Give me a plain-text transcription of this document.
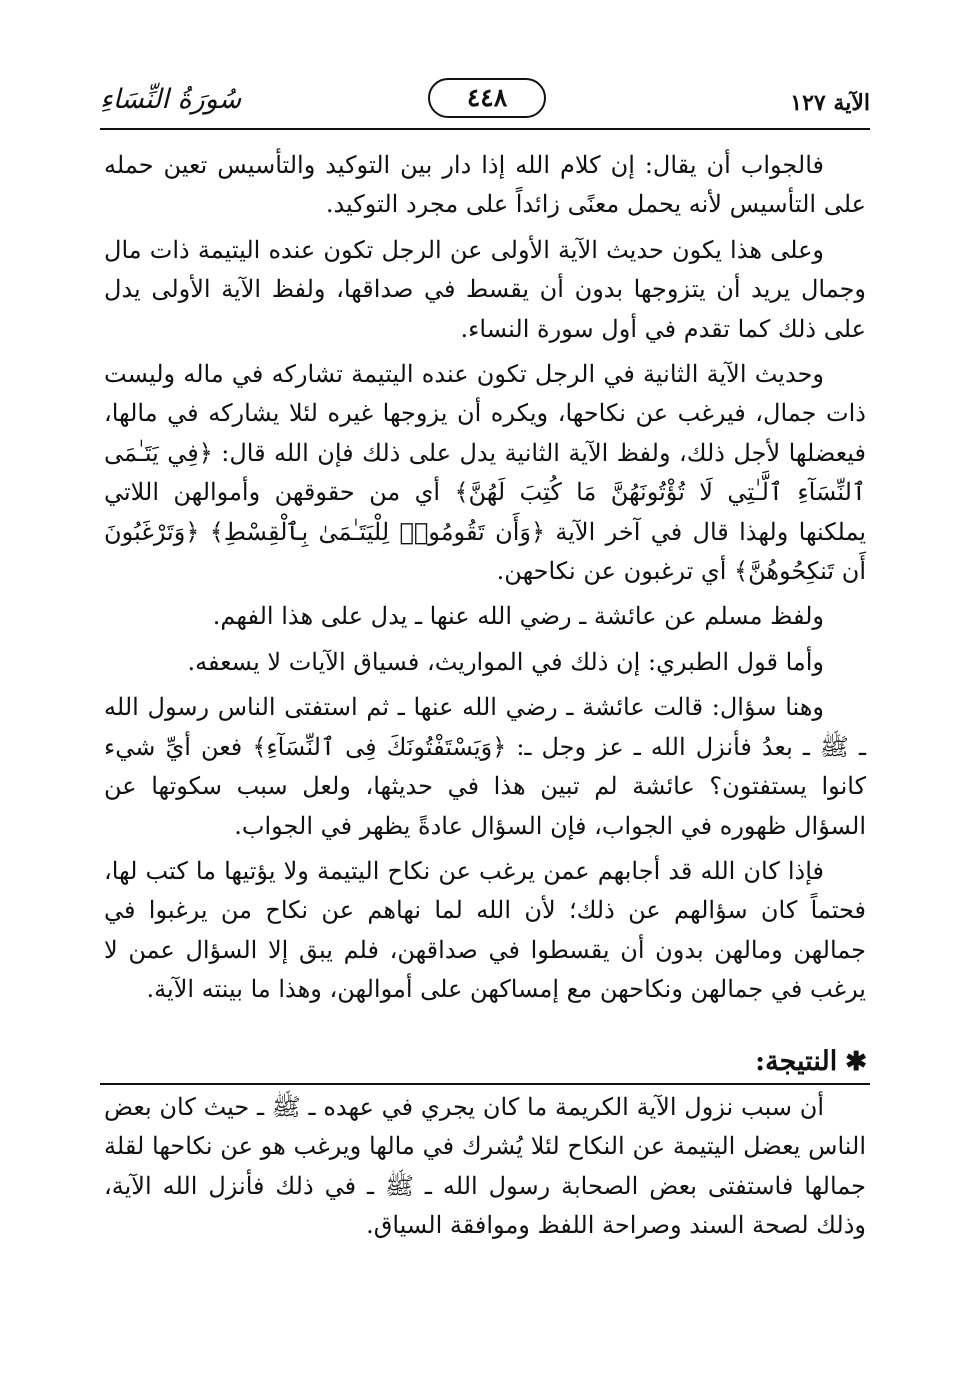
الآية ١٢٧
٤٤٨
سُورَةُ النِّسَاءِ

فالجواب أن يقال: إن كلام الله إذا دار بين التوكيد والتأسيس تعين حمله على التأسيس لأنه يحمل معنًى زائداً على مجرد التوكيد.

وعلى هذا يكون حديث الآية الأولى عن الرجل تكون عنده اليتيمة ذات مال وجمال يريد أن يتزوجها بدون أن يقسط في صداقها، ولفظ الآية الأولى يدل على ذلك كما تقدم في أول سورة النساء.

وحديث الآية الثانية في الرجل تكون عنده اليتيمة تشاركه في ماله وليست ذات جمال، فيرغب عن نكاحها، ويكره أن يزوجها غيره لئلا يشاركه في مالها، فيعضلها لأجل ذلك، ولفظ الآية الثانية يدل على ذلك فإن الله قال: ﴿فِي يَتَـٰمَى ٱلنِّسَآءِ ٱلَّـٰتِي لَا تُؤْتُونَهُنَّ مَا كُتِبَ لَهُنَّ﴾ أي من حقوقهن وأموالهن اللاتي يملكنها ولهذا قال في آخر الآية ﴿وَأَن تَقُومُوا۟ لِلْيَتَـٰمَىٰ بِٱلْقِسْطِ﴾ ﴿وَتَرْغَبُونَ أَن تَنكِحُوهُنَّ﴾ أي ترغبون عن نكاحهن.

ولفظ مسلم عن عائشة ـ رضي الله عنها ـ يدل على هذا الفهم.

وأما قول الطبري: إن ذلك في المواريث، فسياق الآيات لا يسعفه.

وهنا سؤال: قالت عائشة ـ رضي الله عنها ـ ثم استفتى الناس رسول الله ـ ﷺ ـ بعدُ فأنزل الله ـ عز وجل ـ: ﴿وَيَسْتَفْتُونَكَ فِى ٱلنِّسَآءِ﴾ فعن أيِّ شيء كانوا يستفتون؟ عائشة لم تبين هذا في حديثها، ولعل سبب سكوتها عن السؤال ظهوره في الجواب، فإن السؤال عادةً يظهر في الجواب.

فإذا كان الله قد أجابهم عمن يرغب عن نكاح اليتيمة ولا يؤتيها ما كتب لها، فحتماً كان سؤالهم عن ذلك؛ لأن الله لما نهاهم عن نكاح من يرغبوا في جمالهن ومالهن بدون أن يقسطوا في صداقهن، فلم يبق إلا السؤال عمن لا يرغب في جمالهن ونكاحهن مع إمساكهن على أموالهن، وهذا ما بينته الآية.

✱النتيجة:

أن سبب نزول الآية الكريمة ما كان يجري في عهده ـ ﷺ ـ حيث كان بعض الناس يعضل اليتيمة عن النكاح لئلا يُشرك في مالها ويرغب هو عن نكاحها لقلة جمالها فاستفتى بعض الصحابة رسول الله ـ ﷺ ـ في ذلك فأنزل الله الآية، وذلك لصحة السند وصراحة اللفظ وموافقة السياق.
